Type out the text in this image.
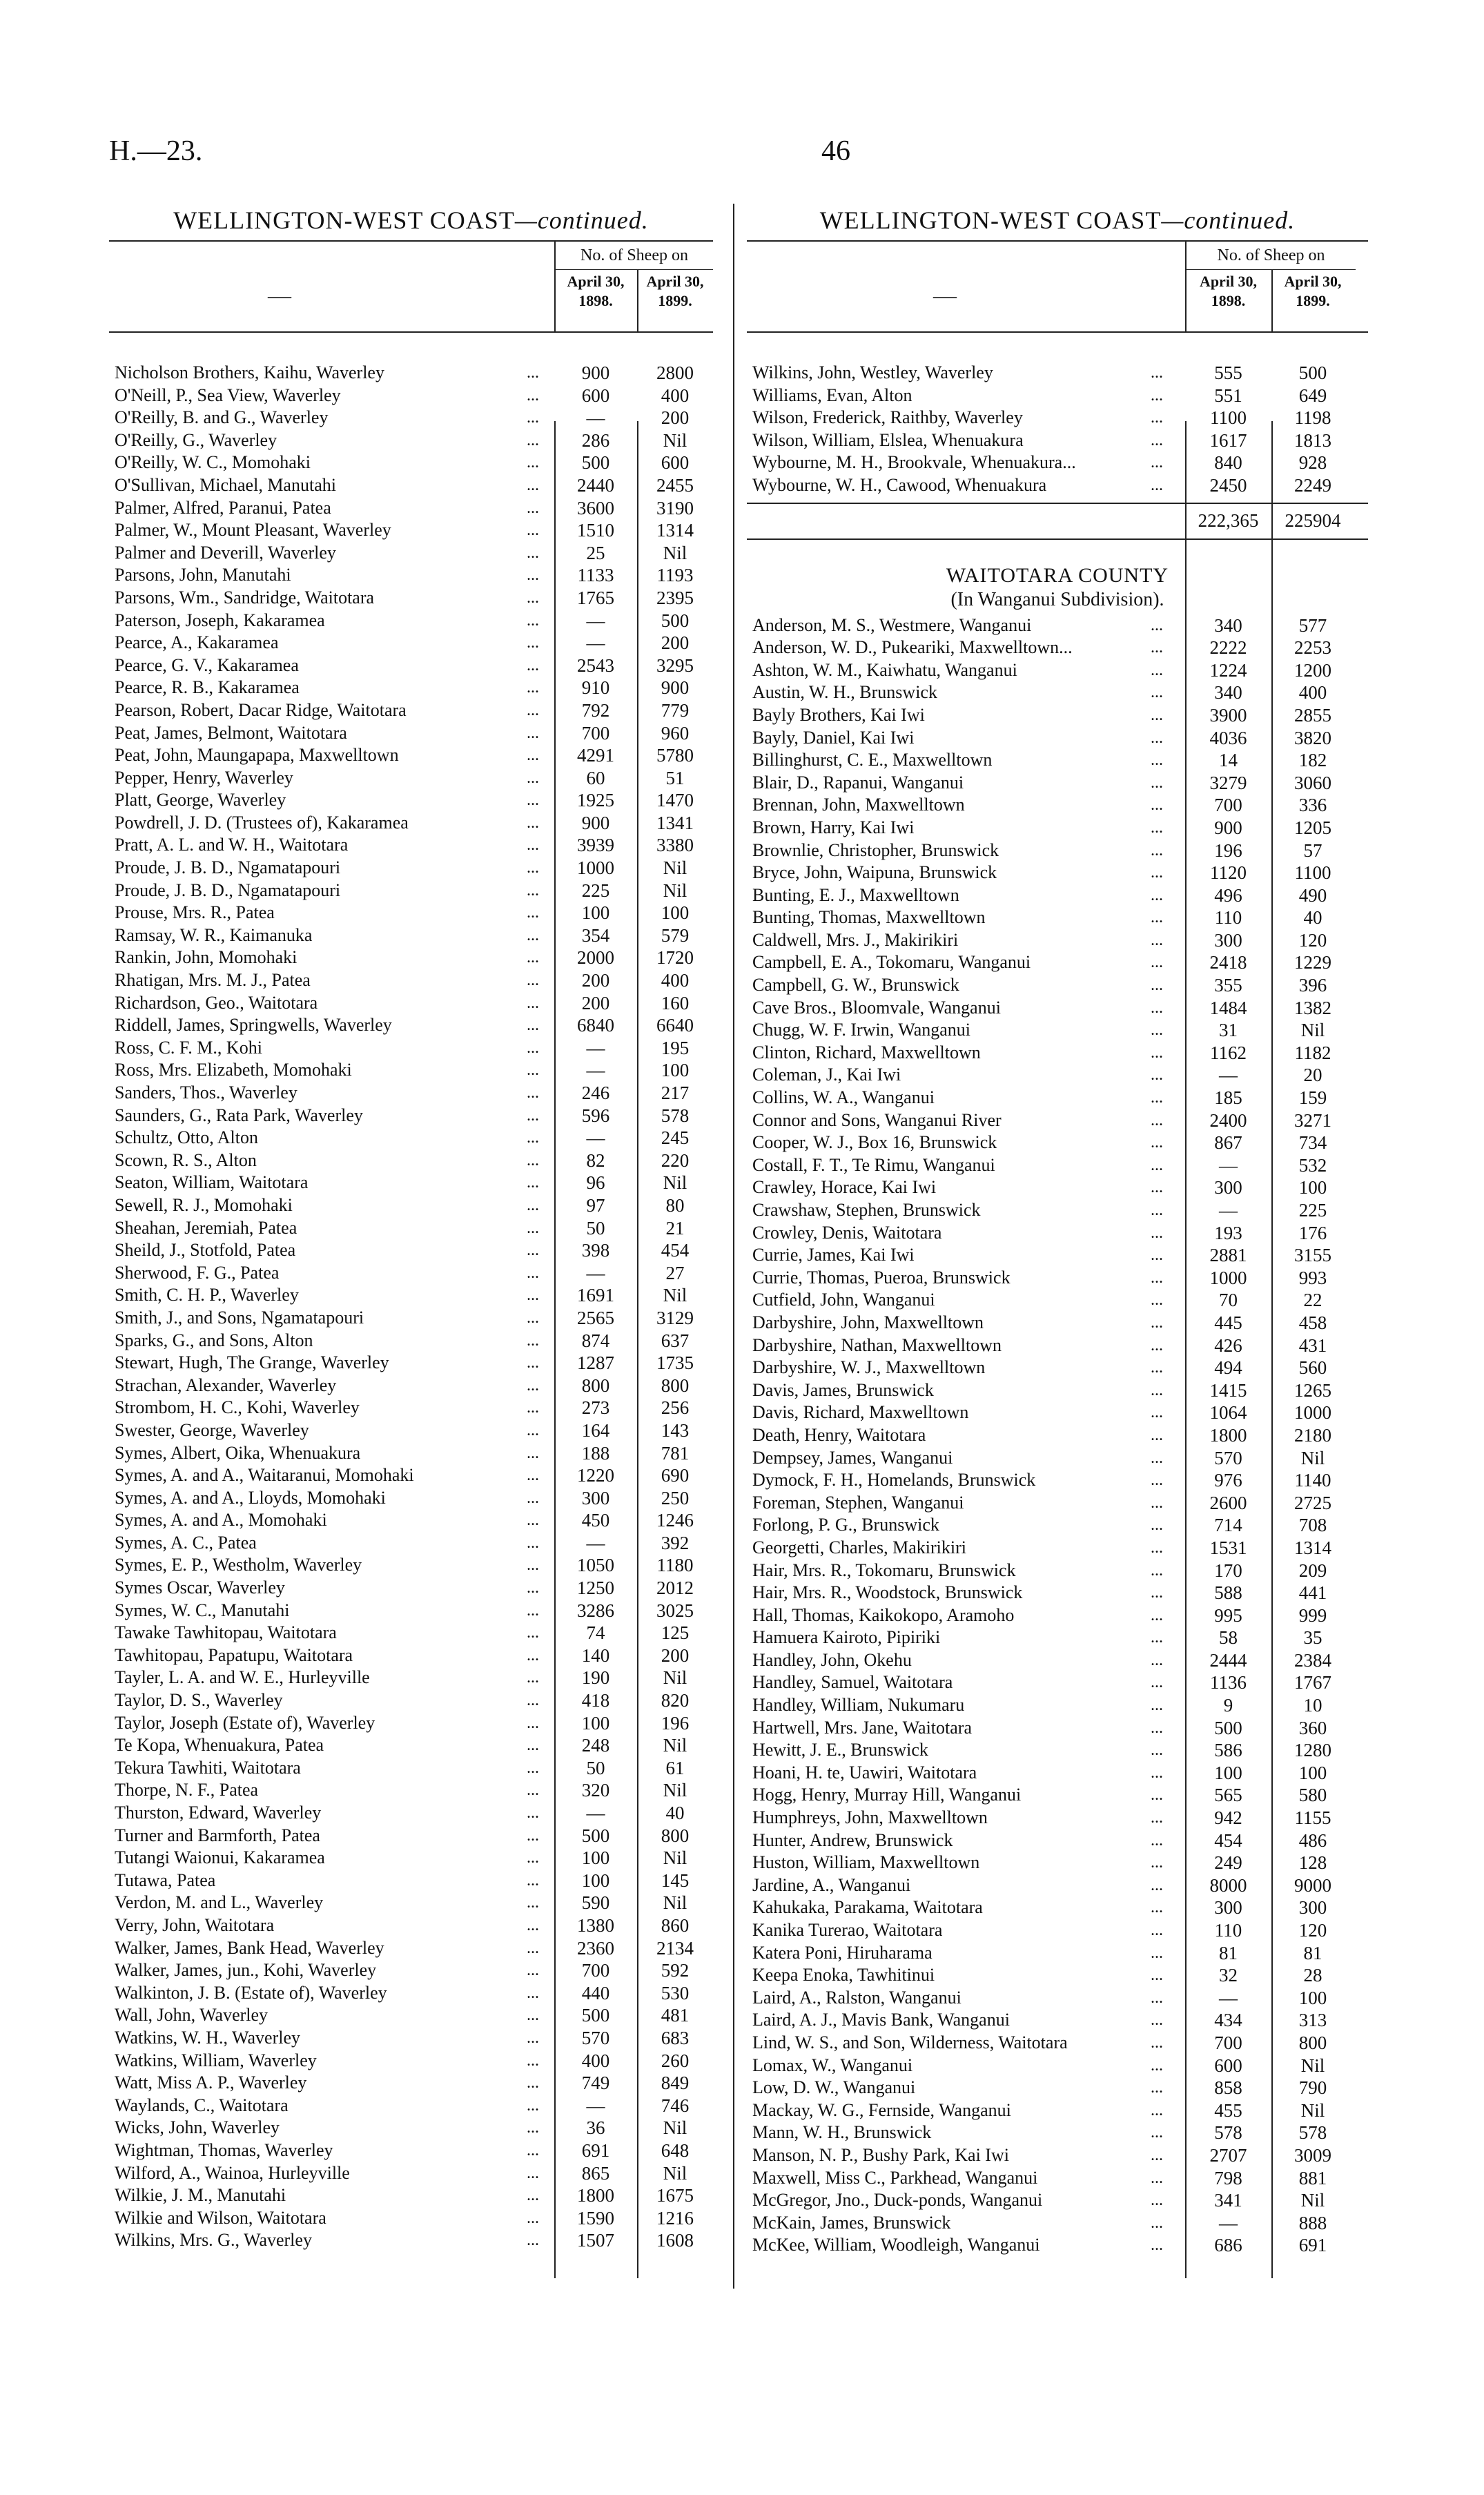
H.—23.	46
WELLINGTON-WEST COAST—continued.
—
No. of Sheep on
April 30, 1898.
April 30, 1899.
Nicholson Brothers, Kaihu, Waverley	...	900	2800
O'Neill, P., Sea View, Waverley	...	600	400
O'Reilly, B. and G., Waverley	...	—	200
O'Reilly, G., Waverley	...	286	Nil
O'Reilly, W. C., Momohaki	...	500	600
O'Sullivan, Michael, Manutahi	...	2440	2455
Palmer, Alfred, Paranui, Patea	...	3600	3190
Palmer, W., Mount Pleasant, Waverley	...	1510	1314
Palmer and Deverill, Waverley	...	25	Nil
Parsons, John, Manutahi	...	1133	1193
Parsons, Wm., Sandridge, Waitotara	...	1765	2395
Paterson, Joseph, Kakaramea	...	—	500
Pearce, A., Kakaramea	...	—	200
Pearce, G. V., Kakaramea	...	2543	3295
Pearce, R. B., Kakaramea	...	910	900
Pearson, Robert, Dacar Ridge, Waitotara	...	792	779
Peat, James, Belmont, Waitotara	...	700	960
Peat, John, Maungapapa, Maxwelltown	...	4291	5780
Pepper, Henry, Waverley	...	60	51
Platt, George, Waverley	...	1925	1470
Powdrell, J. D. (Trustees of), Kakaramea	...	900	1341
Pratt, A. L. and W. H., Waitotara	...	3939	3380
Proude, J. B. D., Ngamatapouri	...	1000	Nil
Proude, J. B. D., Ngamatapouri	...	225	Nil
Prouse, Mrs. R., Patea	...	100	100
Ramsay, W. R., Kaimanuka	...	354	579
Rankin, John, Momohaki	...	2000	1720
Rhatigan, Mrs. M. J., Patea	...	200	400
Richardson, Geo., Waitotara	...	200	160
Riddell, James, Springwells, Waverley	...	6840	6640
Ross, C. F. M., Kohi	...	—	195
Ross, Mrs. Elizabeth, Momohaki	...	—	100
Sanders, Thos., Waverley	...	246	217
Saunders, G., Rata Park, Waverley	...	596	578
Schultz, Otto, Alton	...	—	245
Scown, R. S., Alton	...	82	220
Seaton, William, Waitotara	...	96	Nil
Sewell, R. J., Momohaki	...	97	80
Sheahan, Jeremiah, Patea	...	50	21
Sheild, J., Stotfold, Patea	...	398	454
Sherwood, F. G., Patea	...	—	27
Smith, C. H. P., Waverley	...	1691	Nil
Smith, J., and Sons, Ngamatapouri	...	2565	3129
Sparks, G., and Sons, Alton	...	874	637
Stewart, Hugh, The Grange, Waverley	...	1287	1735
Strachan, Alexander, Waverley	...	800	800
Strombom, H. C., Kohi, Waverley	...	273	256
Swester, George, Waverley	...	164	143
Symes, Albert, Oika, Whenuakura	...	188	781
Symes, A. and A., Waitaranui, Momohaki	...	1220	690
Symes, A. and A., Lloyds, Momohaki	...	300	250
Symes, A. and A., Momohaki	...	450	1246
Symes, A. C., Patea	...	—	392
Symes, E. P., Westholm, Waverley	...	1050	1180
Symes Oscar, Waverley	...	1250	2012
Symes, W. C., Manutahi	...	3286	3025
Tawake Tawhitopau, Waitotara	...	74	125
Tawhitopau, Papatupu, Waitotara	...	140	200
Tayler, L. A. and W. E., Hurleyville	...	190	Nil
Taylor, D. S., Waverley	...	418	820
Taylor, Joseph (Estate of), Waverley	...	100	196
Te Kopa, Whenuakura, Patea	...	248	Nil
Tekura Tawhiti, Waitotara	...	50	61
Thorpe, N. F., Patea	...	320	Nil
Thurston, Edward, Waverley	...	—	40
Turner and Barmforth, Patea	...	500	800
Tutangi Waionui, Kakaramea	...	100	Nil
Tutawa, Patea	...	100	145
Verdon, M. and L., Waverley	...	590	Nil
Verry, John, Waitotara	...	1380	860
Walker, James, Bank Head, Waverley	...	2360	2134
Walker, James, jun., Kohi, Waverley	...	700	592
Walkinton, J. B. (Estate of), Waverley	...	440	530
Wall, John, Waverley	...	500	481
Watkins, W. H., Waverley	...	570	683
Watkins, William, Waverley	...	400	260
Watt, Miss A. P., Waverley	...	749	849
Waylands, C., Waitotara	...	—	746
Wicks, John, Waverley	...	36	Nil
Wightman, Thomas, Waverley	...	691	648
Wilford, A., Wainoa, Hurleyville	...	865	Nil
Wilkie, J. M., Manutahi	...	1800	1675
Wilkie and Wilson, Waitotara	...	1590	1216
Wilkins, Mrs. G., Waverley	...	1507	1608
WELLINGTON-WEST COAST—continued.
—
No. of Sheep on
April 30, 1898.
April 30, 1899.
Wilkins, John, Westley, Waverley	...	555	500
Williams, Evan, Alton	...	551	649
Wilson, Frederick, Raithby, Waverley	...	1100	1198
Wilson, William, Elslea, Whenuakura	...	1617	1813
Wybourne, M. H., Brookvale, Whenuakura...	...	840	928
Wybourne, W. H., Cawood, Whenuakura	...	2450	2249
222,365	225904
WAITOTARA COUNTY
(In Wanganui Subdivision).
Anderson, M. S., Westmere, Wanganui	...	340	577
Anderson, W. D., Pukeariki, Maxwelltown...	...	2222	2253
Ashton, W. M., Kaiwhatu, Wanganui	...	1224	1200
Austin, W. H., Brunswick	...	340	400
Bayly Brothers, Kai Iwi	...	3900	2855
Bayly, Daniel, Kai Iwi	...	4036	3820
Billinghurst, C. E., Maxwelltown	...	14	182
Blair, D., Rapanui, Wanganui	...	3279	3060
Brennan, John, Maxwelltown	...	700	336
Brown, Harry, Kai Iwi	...	900	1205
Brownlie, Christopher, Brunswick	...	196	57
Bryce, John, Waipuna, Brunswick	...	1120	1100
Bunting, E. J., Maxwelltown	...	496	490
Bunting, Thomas, Maxwelltown	...	110	40
Caldwell, Mrs. J., Makirikiri	...	300	120
Campbell, E. A., Tokomaru, Wanganui	...	2418	1229
Campbell, G. W., Brunswick	...	355	396
Cave Bros., Bloomvale, Wanganui	...	1484	1382
Chugg, W. F. Irwin, Wanganui	...	31	Nil
Clinton, Richard, Maxwelltown	...	1162	1182
Coleman, J., Kai Iwi	...	—	20
Collins, W. A., Wanganui	...	185	159
Connor and Sons, Wanganui River	...	2400	3271
Cooper, W. J., Box 16, Brunswick	...	867	734
Costall, F. T., Te Rimu, Wanganui	...	—	532
Crawley, Horace, Kai Iwi	...	300	100
Crawshaw, Stephen, Brunswick	...	—	225
Crowley, Denis, Waitotara	...	193	176
Currie, James, Kai Iwi	...	2881	3155
Currie, Thomas, Pueroa, Brunswick	...	1000	993
Cutfield, John, Wanganui	...	70	22
Darbyshire, John, Maxwelltown	...	445	458
Darbyshire, Nathan, Maxwelltown	...	426	431
Darbyshire, W. J., Maxwelltown	...	494	560
Davis, James, Brunswick	...	1415	1265
Davis, Richard, Maxwelltown	...	1064	1000
Death, Henry, Waitotara	...	1800	2180
Dempsey, James, Wanganui	...	570	Nil
Dymock, F. H., Homelands, Brunswick	...	976	1140
Foreman, Stephen, Wanganui	...	2600	2725
Forlong, P. G., Brunswick	...	714	708
Georgetti, Charles, Makirikiri	...	1531	1314
Hair, Mrs. R., Tokomaru, Brunswick	...	170	209
Hair, Mrs. R., Woodstock, Brunswick	...	588	441
Hall, Thomas, Kaikokopo, Aramoho	...	995	999
Hamuera Kairoto, Pipiriki	...	58	35
Handley, John, Okehu	...	2444	2384
Handley, Samuel, Waitotara	...	1136	1767
Handley, William, Nukumaru	...	9	10
Hartwell, Mrs. Jane, Waitotara	...	500	360
Hewitt, J. E., Brunswick	...	586	1280
Hoani, H. te, Uawiri, Waitotara	...	100	100
Hogg, Henry, Murray Hill, Wanganui	...	565	580
Humphreys, John, Maxwelltown	...	942	1155
Hunter, Andrew, Brunswick	...	454	486
Huston, William, Maxwelltown	...	249	128
Jardine, A., Wanganui	...	8000	9000
Kahukaka, Parakama, Waitotara	...	300	300
Kanika Turerao, Waitotara	...	110	120
Katera Poni, Hiruharama	...	81	81
Keepa Enoka, Tawhitinui	...	32	28
Laird, A., Ralston, Wanganui	...	—	100
Laird, A. J., Mavis Bank, Wanganui	...	434	313
Lind, W. S., and Son, Wilderness, Waitotara	...	700	800
Lomax, W., Wanganui	...	600	Nil
Low, D. W., Wanganui	...	858	790
Mackay, W. G., Fernside, Wanganui	...	455	Nil
Mann, W. H., Brunswick	...	578	578
Manson, N. P., Bushy Park, Kai Iwi	...	2707	3009
Maxwell, Miss C., Parkhead, Wanganui	...	798	881
McGregor, Jno., Duck-ponds, Wanganui	...	341	Nil
McKain, James, Brunswick	...	—	888
McKee, William, Woodleigh, Wanganui	...	686	691
